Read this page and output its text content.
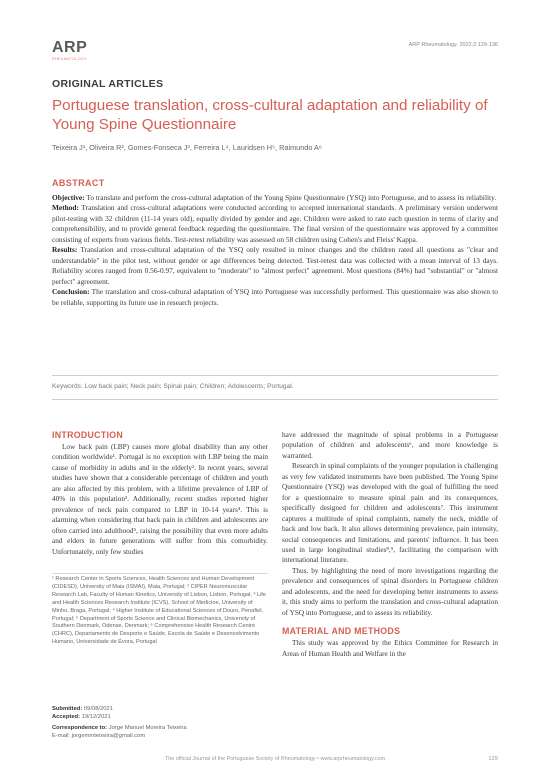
ARP
RHEUMATOLOGY
ARP Rheumatology. 2022;2:129-136
ORIGINAL ARTICLES
Portuguese translation, cross-cultural adaptation and reliability of Young Spine Questionnaire
Teixeira J¹, Oliveira R², Gomes-Fonseca J³, Ferreira L⁴, Lauridsen H⁵, Raimundo A⁶
ABSTRACT

Objective: To translate and perform the cross-cultural adaptation of the Young Spine Questionnaire (YSQ) into Portuguese, and to assess its reliability.

Method: Translation and cross-cultural adaptations were conducted according to accepted international standards. A preliminary version underwent pilot-testing with 32 children (11-14 years old), equally divided by gender and age. Children were asked to rate each question in terms of clarity and comprehensibility, and to provide general feedback regarding the questionnaire. The final version of the questionnaire was approved by a committee consisting of experts from various fields. Test-retest reliability was assessed on 58 children using Cohen's and Fleiss' Kappa.

Results: Translation and cross-cultural adaptation of the YSQ only resulted in minor changes and the children rated all questions as "clear and understandable" in the pilot test, without gender or age differences being detected. Test-retest data was collected with a mean interval of 13 days. Reliability scores ranged from 0.56-0.97, equivalent to "moderate" to "almost perfect" agreement. Most questions (84%) had "substantial" or "almost perfect" agreement.

Conclusion: The translation and cross-cultural adaptation of YSQ into Portuguese was successfully performed. This questionnaire was also shown to be reliable, supporting its future use in research projects.

Keywords: Low back pain; Neck pain; Spinal pain; Children; Adolescents; Portugal.
INTRODUCTION

Low back pain (LBP) causes more global disability than any other condition worldwide¹. Portugal is no exception with LBP being the main cause of morbidity in adults and in the elderly². In recent years, several studies have shown that a considerable percentage of children and youth are also affected by this problem, with a lifetime prevalence of LBP of 40% in this population³. Additionally, recent studies reported higher prevalence of neck pain compared to LBP in 10-14 years⁴. This is alarming when considering that back pain in children and adolescents are often carried into adulthood⁵, raising the possibility that even more adults and elders in future generations will suffer from this comorbidity. Unfortunately, only few studies

¹ Research Center in Sports Sciences, Health Sciences and Human Development (CIDESD), University of Maia (ISMAI), Maia, Portugal; ² CIPER Neuromuscular Research Lab, Faculty of Human Kinetics, University of Lisbon, Lisbon, Portugal; ³ Life and Health Sciences Research Institute (ICVS), School of Medicine, University of Minho, Braga, Portugal; ⁴ Higher Institute of Educational Sciences of Douro, Penafiel, Portugal; ⁵ Department of Sports Science and Clinical Biomechanics, University of Southern Denmark, Odense, Denmark; ⁶ Comprehensive Health Research Centre (CHRC), Departamento de Desporto e Saúde, Escola de Saúde e Desenvolvimento Humano, Universidade de Évora, Portugal
Submitted: 09/08/2021
Accepted: 19/12/2021
Correspondence to: Jorge Manuel Moreira Teixeira
E-mail: jorgemmteixeira@gmail.com

have addressed the magnitude of spinal problems in a Portuguese population of children and adolescents⁶, and more knowledge is warranted.

Research in spinal complaints of the younger population is challenging as very few validated instruments have been published. The Young Spine Questionnaire (YSQ) was developed with the goal of fulfilling the need for a questionnaire to measure spinal pain and its consequences, specifically designed for children and adolescents⁷. This instrument captures a multitude of spinal complaints, namely the neck, middle of back and low back. It also allows determining prevalence, pain intensity, social consequences and limitations, and parents' influence. It has been used in large longitudinal studies⁸,⁹, facilitating the comparison with international literature.

Thus, by highlighting the need of more investigations regarding the prevalence and consequences of spinal disorders in Portuguese children and adolescents, and the need for developing better instruments to assess it, this study aims to perform the translation and cross-cultural adaptation of YSQ into Portuguese, and to assess its reliability.

MATERIAL AND METHODS

This study was approved by the Ethics Committee for Research in Areas of Human Health and Welfare in the

The official Journal of the Portuguese Society of Rheumatology • www.arprheumatology.com	129
